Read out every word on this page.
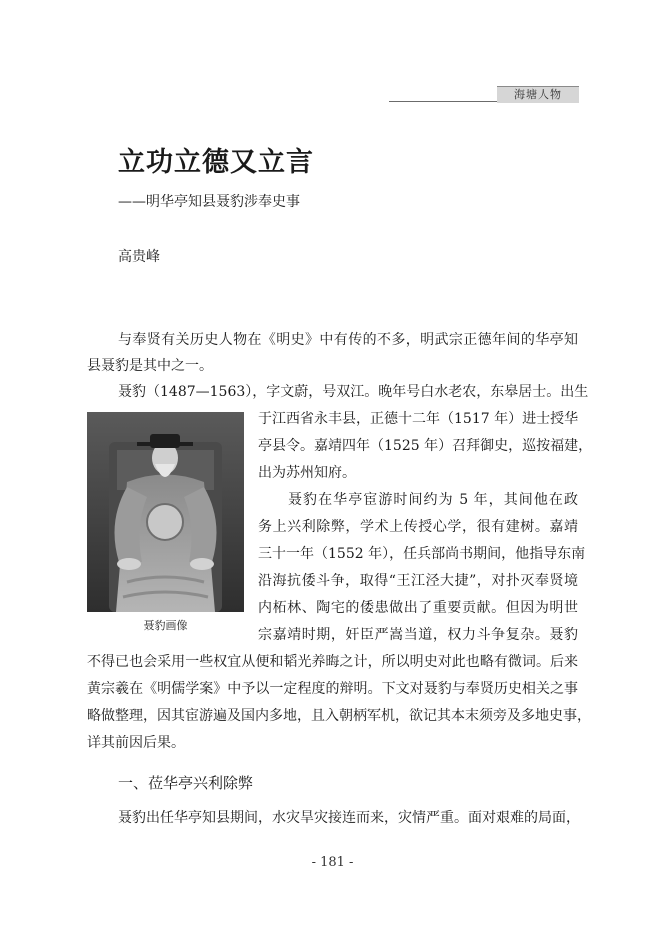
海塘人物
立功立德又立言
——明华亭知县聂豹涉奉史事
高贵峰
与奉贤有关历史人物在《明史》中有传的不多，明武宗正德年间的华亭知
县聂豹是其中之一。
聂豹（1487—1563），字文蔚，号双江。晚年号白水老农，东皋居士。出生
于江西省永丰县，正德十二年（1517 年）进士授华
亭县令。嘉靖四年（1525 年）召拜御史，巡按福建，
出为苏州知府。
聂豹在华亭宦游时间约为 5 年，其间他在政
务上兴利除弊，学术上传授心学，很有建树。嘉靖
三十一年（1552 年），任兵部尚书期间，他指导东南
沿海抗倭斗争，取得“王江泾大捷”，对扑灭奉贤境
内柘林、陶宅的倭患做出了重要贡献。但因为明世
宗嘉靖时期，奸臣严嵩当道，权力斗争复杂。聂豹
不得已也会采用一些权宜从便和韬光养晦之计，所以明史对此也略有微词。后来
黄宗羲在《明儒学案》中予以一定程度的辩明。下文对聂豹与奉贤历史相关之事
略做整理，因其宦游遍及国内多地，且入朝柄军机，欲记其本末须旁及多地史事，
详其前因后果。
聂豹画像
一、莅华亭兴利除弊
聂豹出任华亭知县期间，水灾旱灾接连而来，灾情严重。面对艰难的局面，
- 181 -
